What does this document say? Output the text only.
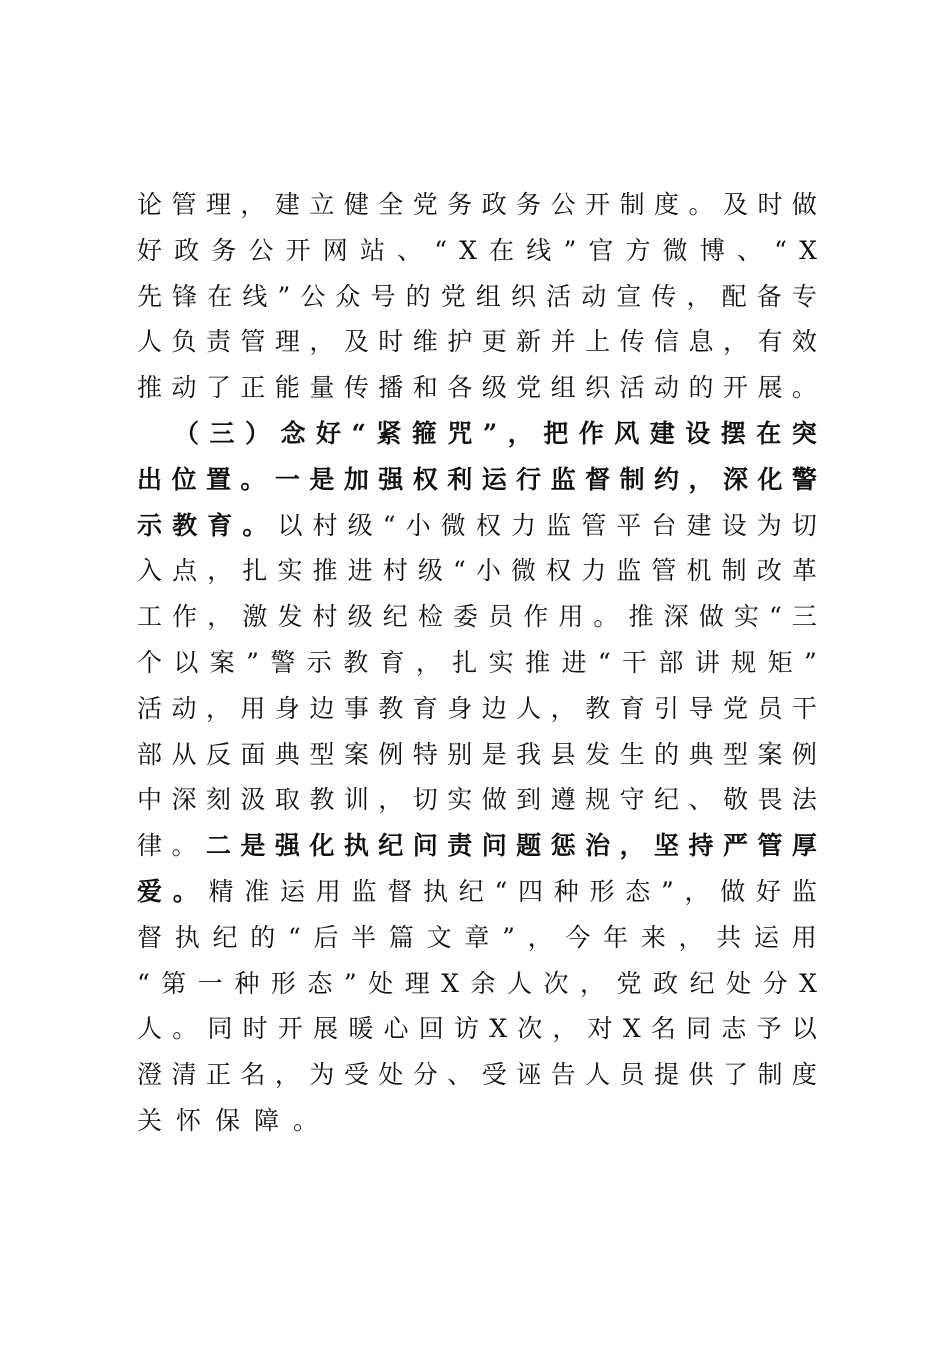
论 管 理 ， 建 立 健 全 党 务 政 务 公 开 制 度 。 及 时 做
好 政 务 公 开 网 站 、 “ X 在 线 ” 官 方 微 博 、 “ X
先 锋 在 线 ” 公 众 号 的 党 组 织 活 动 宣 传 ， 配 备 专
人 负 责 管 理 ， 及 时 维 护 更 新 并 上 传 信 息 ， 有 效
推 动 了 正 能 量 传 播 和 各 级 党 组 织 活 动 的 开 展 。
（ 三 ） 念 好 “ 紧 箍 咒 ” ， 把 作 风 建 设 摆 在 突
出 位 置 。 一 是 加 强 权 利 运 行 监 督 制 约 ， 深 化 警
示 教 育 。 以 村 级 “ 小 微 权 力 监 管 平 台 建 设 为 切
入 点 ， 扎 实 推 进 村 级 “ 小 微 权 力 监 管 机 制 改 革
工 作 ， 激 发 村 级 纪 检 委 员 作 用 。 推 深 做 实 “ 三
个 以 案 ” 警 示 教 育 ， 扎 实 推 进 “ 干 部 讲 规 矩 ”
活 动 ， 用 身 边 事 教 育 身 边 人 ， 教 育 引 导 党 员 干
部 从 反 面 典 型 案 例 特 别 是 我 县 发 生 的 典 型 案 例
中 深 刻 汲 取 教 训 ， 切 实 做 到 遵 规 守 纪 、 敬 畏 法
律 。 二 是 强 化 执 纪 问 责 问 题 惩 治 ， 坚 持 严 管 厚
爱 。 精 准 运 用 监 督 执 纪 “ 四 种 形 态 ” ， 做 好 监
督 执 纪 的 “ 后 半 篇 文 章 ” ， 今 年 来 ， 共 运 用
“ 第 一 种 形 态 ” 处 理 X 余 人 次 ， 党 政 纪 处 分 X
人 。 同 时 开 展 暖 心 回 访 X 次 ， 对 X 名 同 志 予 以
澄 清 正 名 ， 为 受 处 分 、 受 诬 告 人 员 提 供 了 制 度
关怀保障。
